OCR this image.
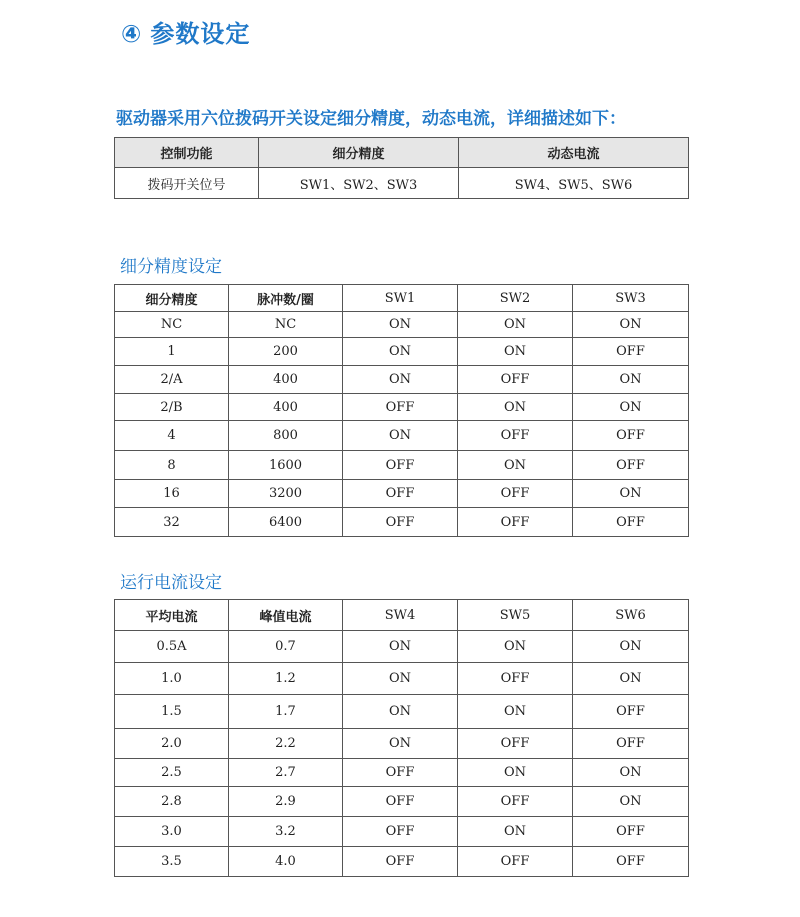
④ 参数设定
驱动器采用六位拨码开关设定细分精度，动态电流，详细描述如下：
控制功能	细分精度	动态电流
拨码开关位号	SW1、SW2、SW3	SW4、SW5、SW6
细分精度设定
细分精度	脉冲数/圈	SW1	SW2	SW3
NC	NC	ON	ON	ON
1	200	ON	ON	OFF
2/A	400	ON	OFF	ON
2/B	400	OFF	ON	ON
4	800	ON	OFF	OFF
8	1600	OFF	ON	OFF
16	3200	OFF	OFF	ON
32	6400	OFF	OFF	OFF
运行电流设定
平均电流	峰值电流	SW4	SW5	SW6
0.5A	0.7	ON	ON	ON
1.0	1.2	ON	OFF	ON
1.5	1.7	ON	ON	OFF
2.0	2.2	ON	OFF	OFF
2.5	2.7	OFF	ON	ON
2.8	2.9	OFF	OFF	ON
3.0	3.2	OFF	ON	OFF
3.5	4.0	OFF	OFF	OFF
